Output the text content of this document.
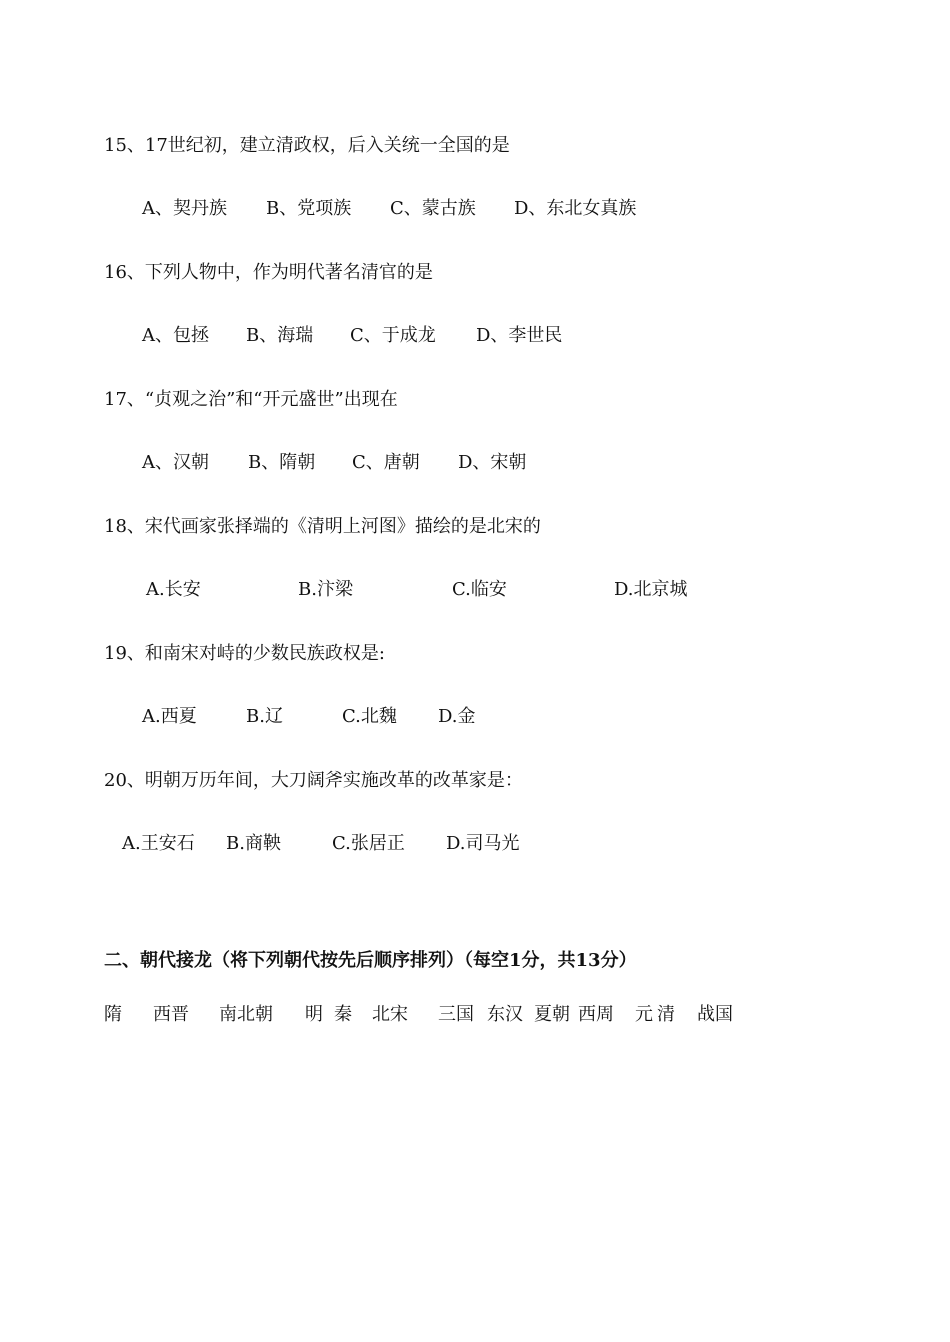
15、17世纪初，建立清政权，后入关统一全国的是
A、契丹族 B、党项族 C、蒙古族 D、东北女真族
16、下列人物中，作为明代著名清官的是
A、包拯 B、海瑞 C、于成龙 D、李世民
17、“贞观之治”和“开元盛世”出现在
A、汉朝 B、隋朝 C、唐朝 D、宋朝
18、宋代画家张择端的《清明上河图》描绘的是北宋的
A.长安	B.汴梁	C.临安	D.北京城
19、和南宋对峙的少数民族政权是:
A.西夏	B.辽	C.北魏 D.金
20、明朝万历年间，大刀阔斧实施改革的改革家是：
A.王安石 B.商鞅	C.张居正 D.司马光
二、朝代接龙（将下列朝代按先后顺序排列）（每空1分，共13分）
隋 西晋 南北朝 明 秦 北宋 三国 东汉 夏朝 西周 元 清 战国
